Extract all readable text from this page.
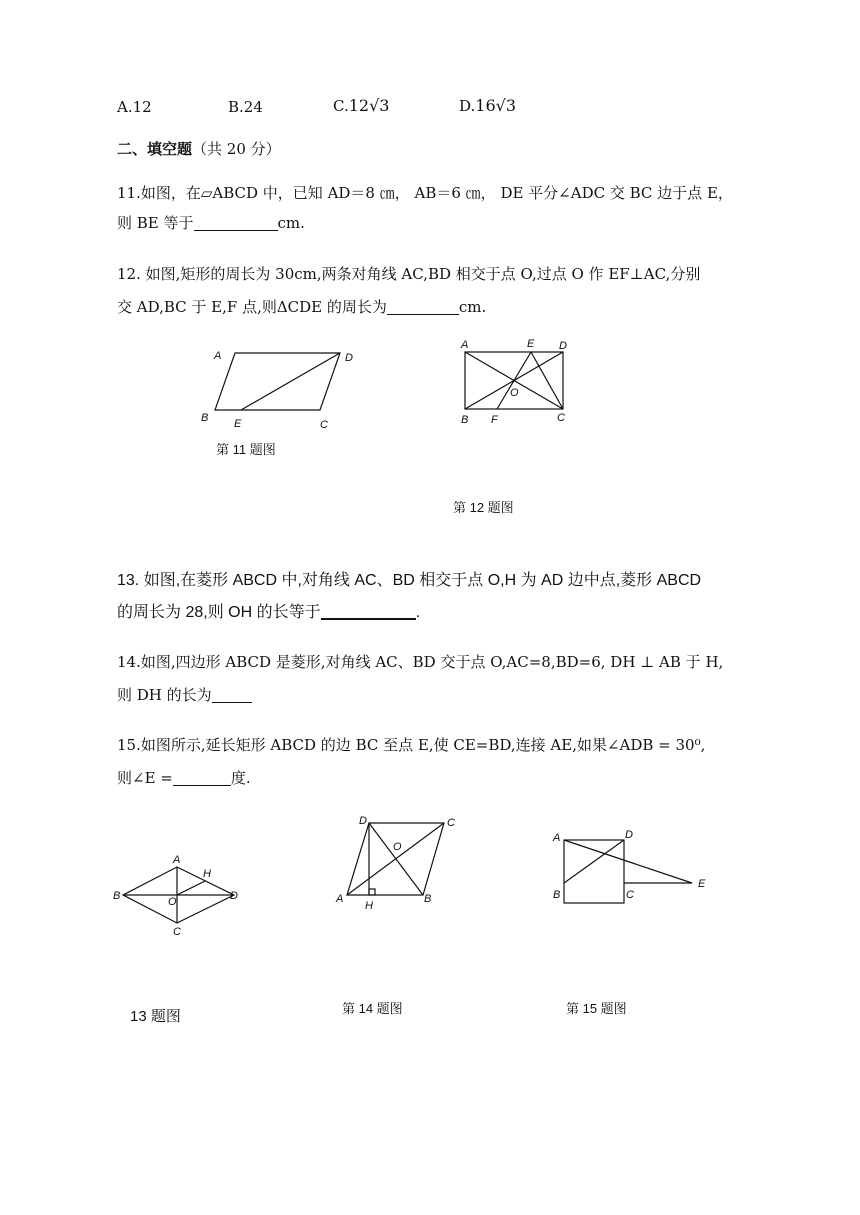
A.12	B.24	C.12√3	D.16√3
二、填空题（共 20 分）
11.如图，在▱ABCD 中，已知 AD＝8 ㎝， AB＝6 ㎝， DE 平分∠ADC 交 BC 边于点 E，
则 BE 等于	cm.
12. 如图,矩形的周长为 30cm,两条对角线 AC,BD 相交于点 O,过点 O 作 EF⊥AC,分别
交 AD,BC 于 E,F 点,则ΔCDE 的周长为	cm.
A	D
B E	C
第 11 题图
A	E D
O
B F	C
第 12 题图
13. 如图,在菱形 ABCD 中,对角线 AC、BD 相交于点 O,H 为 AD 边中点,菱形 ABCD
的周长为 28,则 OH 的长等于	.
14.如图,四边形 ABCD 是菱形,对角线 AC、BD 交于点 O,AC=8,BD=6, DH ⊥ AB 于 H,
则 DH 的长为
15.如图所示,延长矩形 ABCD 的边 BC 至点 E,使 CE=BD,连接 AE,如果∠ADB = 30⁰,
则∠E =	度.
A
H
B	O	D
C
13 题图
D	C
O
A
H
B
第 14 题图
A	D
B	C
E
第 15 题图
